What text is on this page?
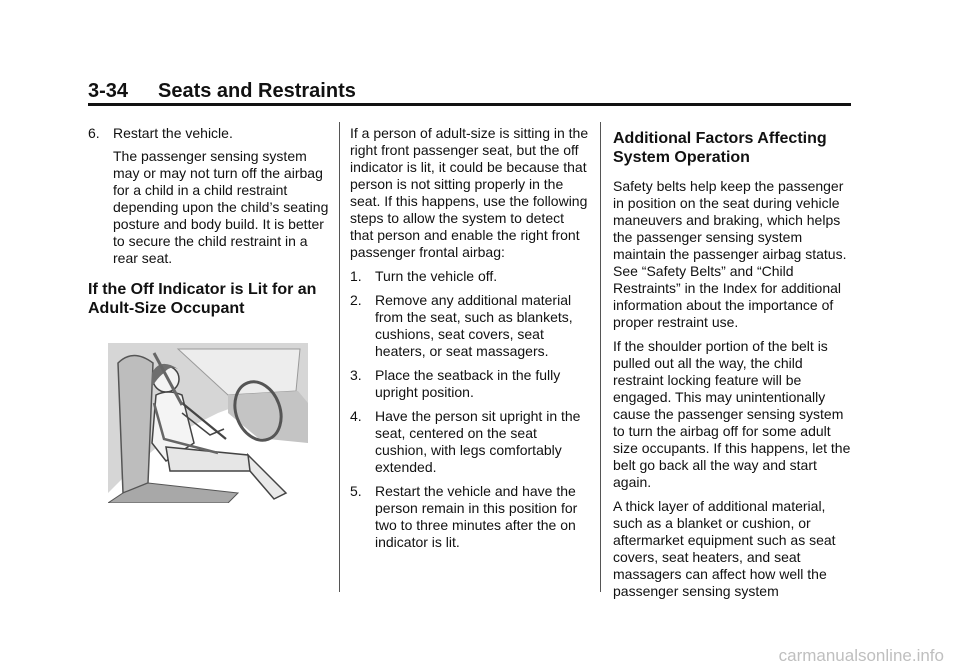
3-34 Seats and Restraints
6. Restart the vehicle.

The passenger sensing system may or may not turn off the airbag for a child in a child restraint depending upon the child’s seating posture and body build. It is better to secure the child restraint in a rear seat.

If the Off Indicator is Lit for an Adult-Size Occupant

If a person of adult-size is sitting in the right front passenger seat, but the off indicator is lit, it could be because that person is not sitting properly in the seat. If this happens, use the following steps to allow the system to detect that person and enable the right front passenger frontal airbag:

1. Turn the vehicle off.
2. Remove any additional material from the seat, such as blankets, cushions, seat covers, seat heaters, or seat massagers.
3. Place the seatback in the fully upright position.
4. Have the person sit upright in the seat, centered on the seat cushion, with legs comfortably extended.
5. Restart the vehicle and have the person remain in this position for two to three minutes after the on indicator is lit.

Additional Factors Affecting System Operation

Safety belts help keep the passenger in position on the seat during vehicle maneuvers and braking, which helps the passenger sensing system maintain the passenger airbag status. See “Safety Belts” and “Child Restraints” in the Index for additional information about the importance of proper restraint use.

If the shoulder portion of the belt is pulled out all the way, the child restraint locking feature will be engaged. This may unintentionally cause the passenger sensing system to turn the airbag off for some adult size occupants. If this happens, let the belt go back all the way and start again.

A thick layer of additional material, such as a blanket or cushion, or aftermarket equipment such as seat covers, seat heaters, and seat massagers can affect how well the passenger sensing system

carmanualsonline.info
